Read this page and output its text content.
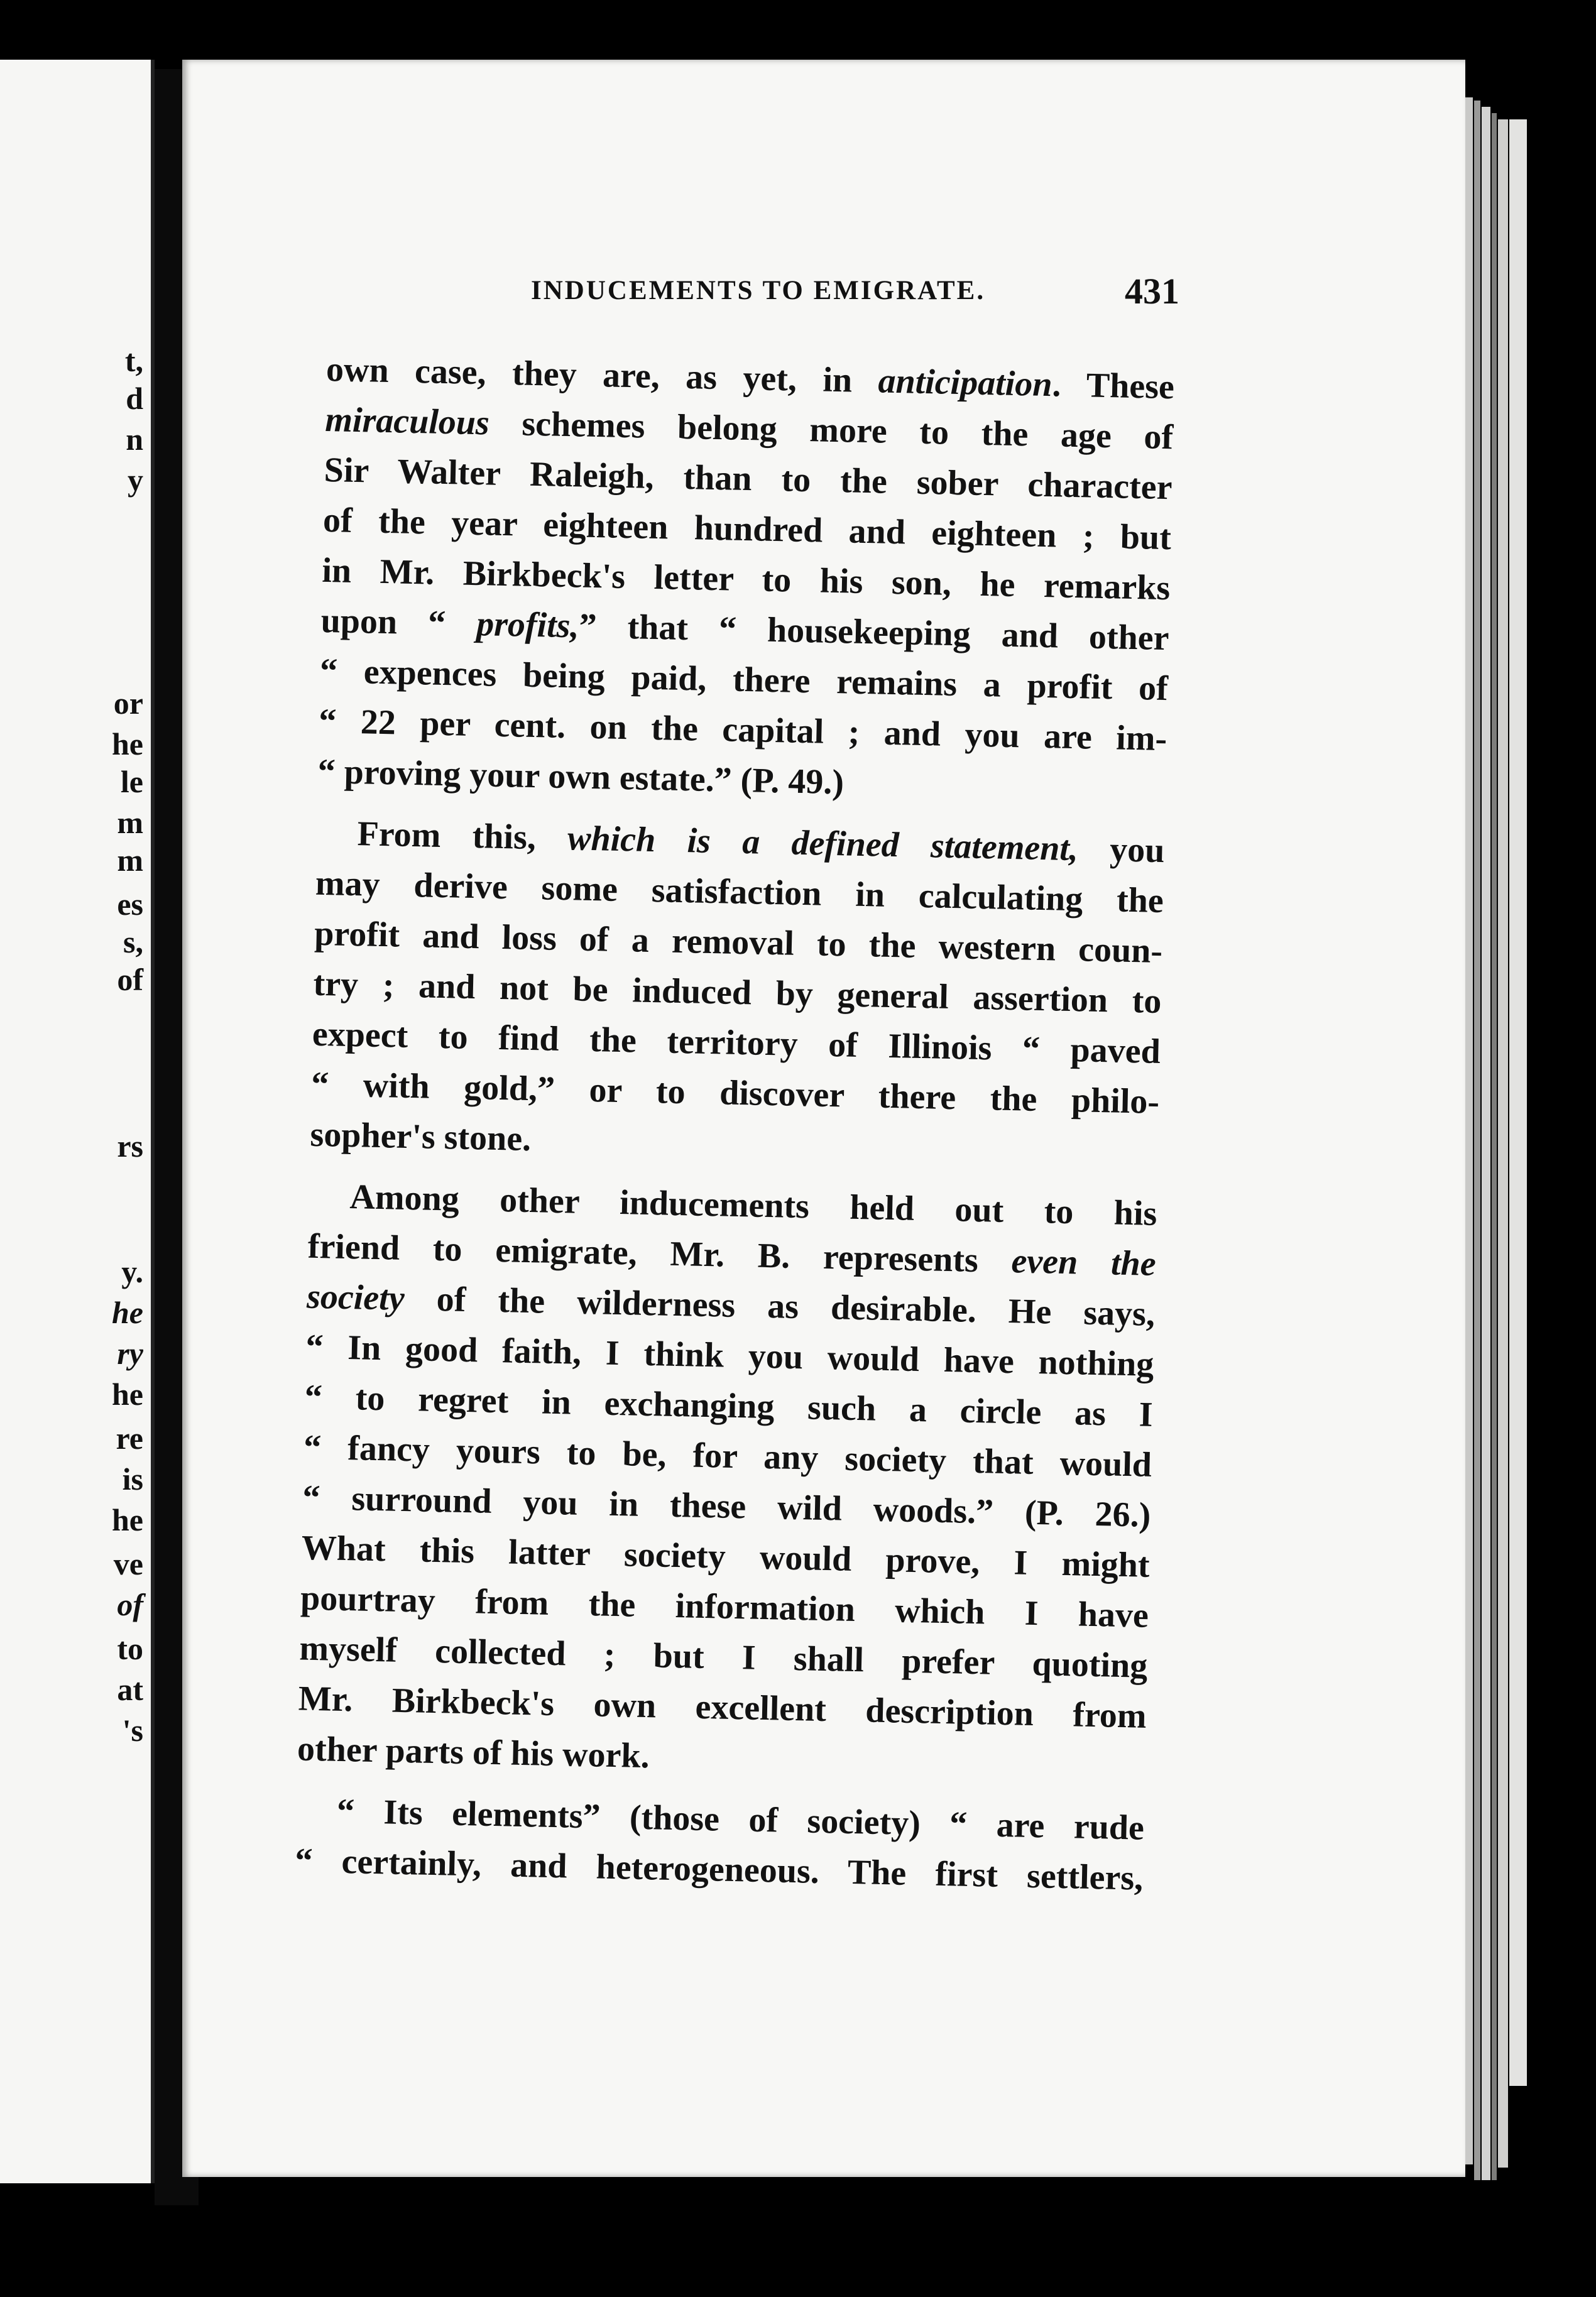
t,
d
n
y
or
he
le
m
m
es
s,
of
rs
y.
he
ry
he
re
is
he
ve
of
to
at
's
INDUCEMENTS TO EMIGRATE.	431
own case, they are, as yet, in anticipation. These
miraculous schemes belong more to the age of
Sir Walter Raleigh, than to the sober character
of the year eighteen hundred and eighteen ; but
in Mr. Birkbeck's letter to his son, he remarks
upon “ profits,” that “ housekeeping and other
“ expences being paid, there remains a profit of
“ 22 per cent. on the capital ; and you are im-
“ proving your own estate.” (P. 49.)
From this, which is a defined statement, you
may derive some satisfaction in calculating the
profit and loss of a removal to the western coun-
try ; and not be induced by general assertion to
expect to find the territory of Illinois “ paved
“ with gold,” or to discover there the philo-
sopher's stone.
Among other inducements held out to his
friend to emigrate, Mr. B. represents even the
society of the wilderness as desirable. He says,
“ In good faith, I think you would have nothing
“ to regret in exchanging such a circle as I
“ fancy yours to be, for any society that would
“ surround you in these wild woods.” (P. 26.)
What this latter society would prove, I might
pourtray from the information which I have
myself collected ; but I shall prefer quoting
Mr. Birkbeck's own excellent description from
other parts of his work.
“ Its elements” (those of society) “ are rude
“ certainly, and heterogeneous. The first settlers,
